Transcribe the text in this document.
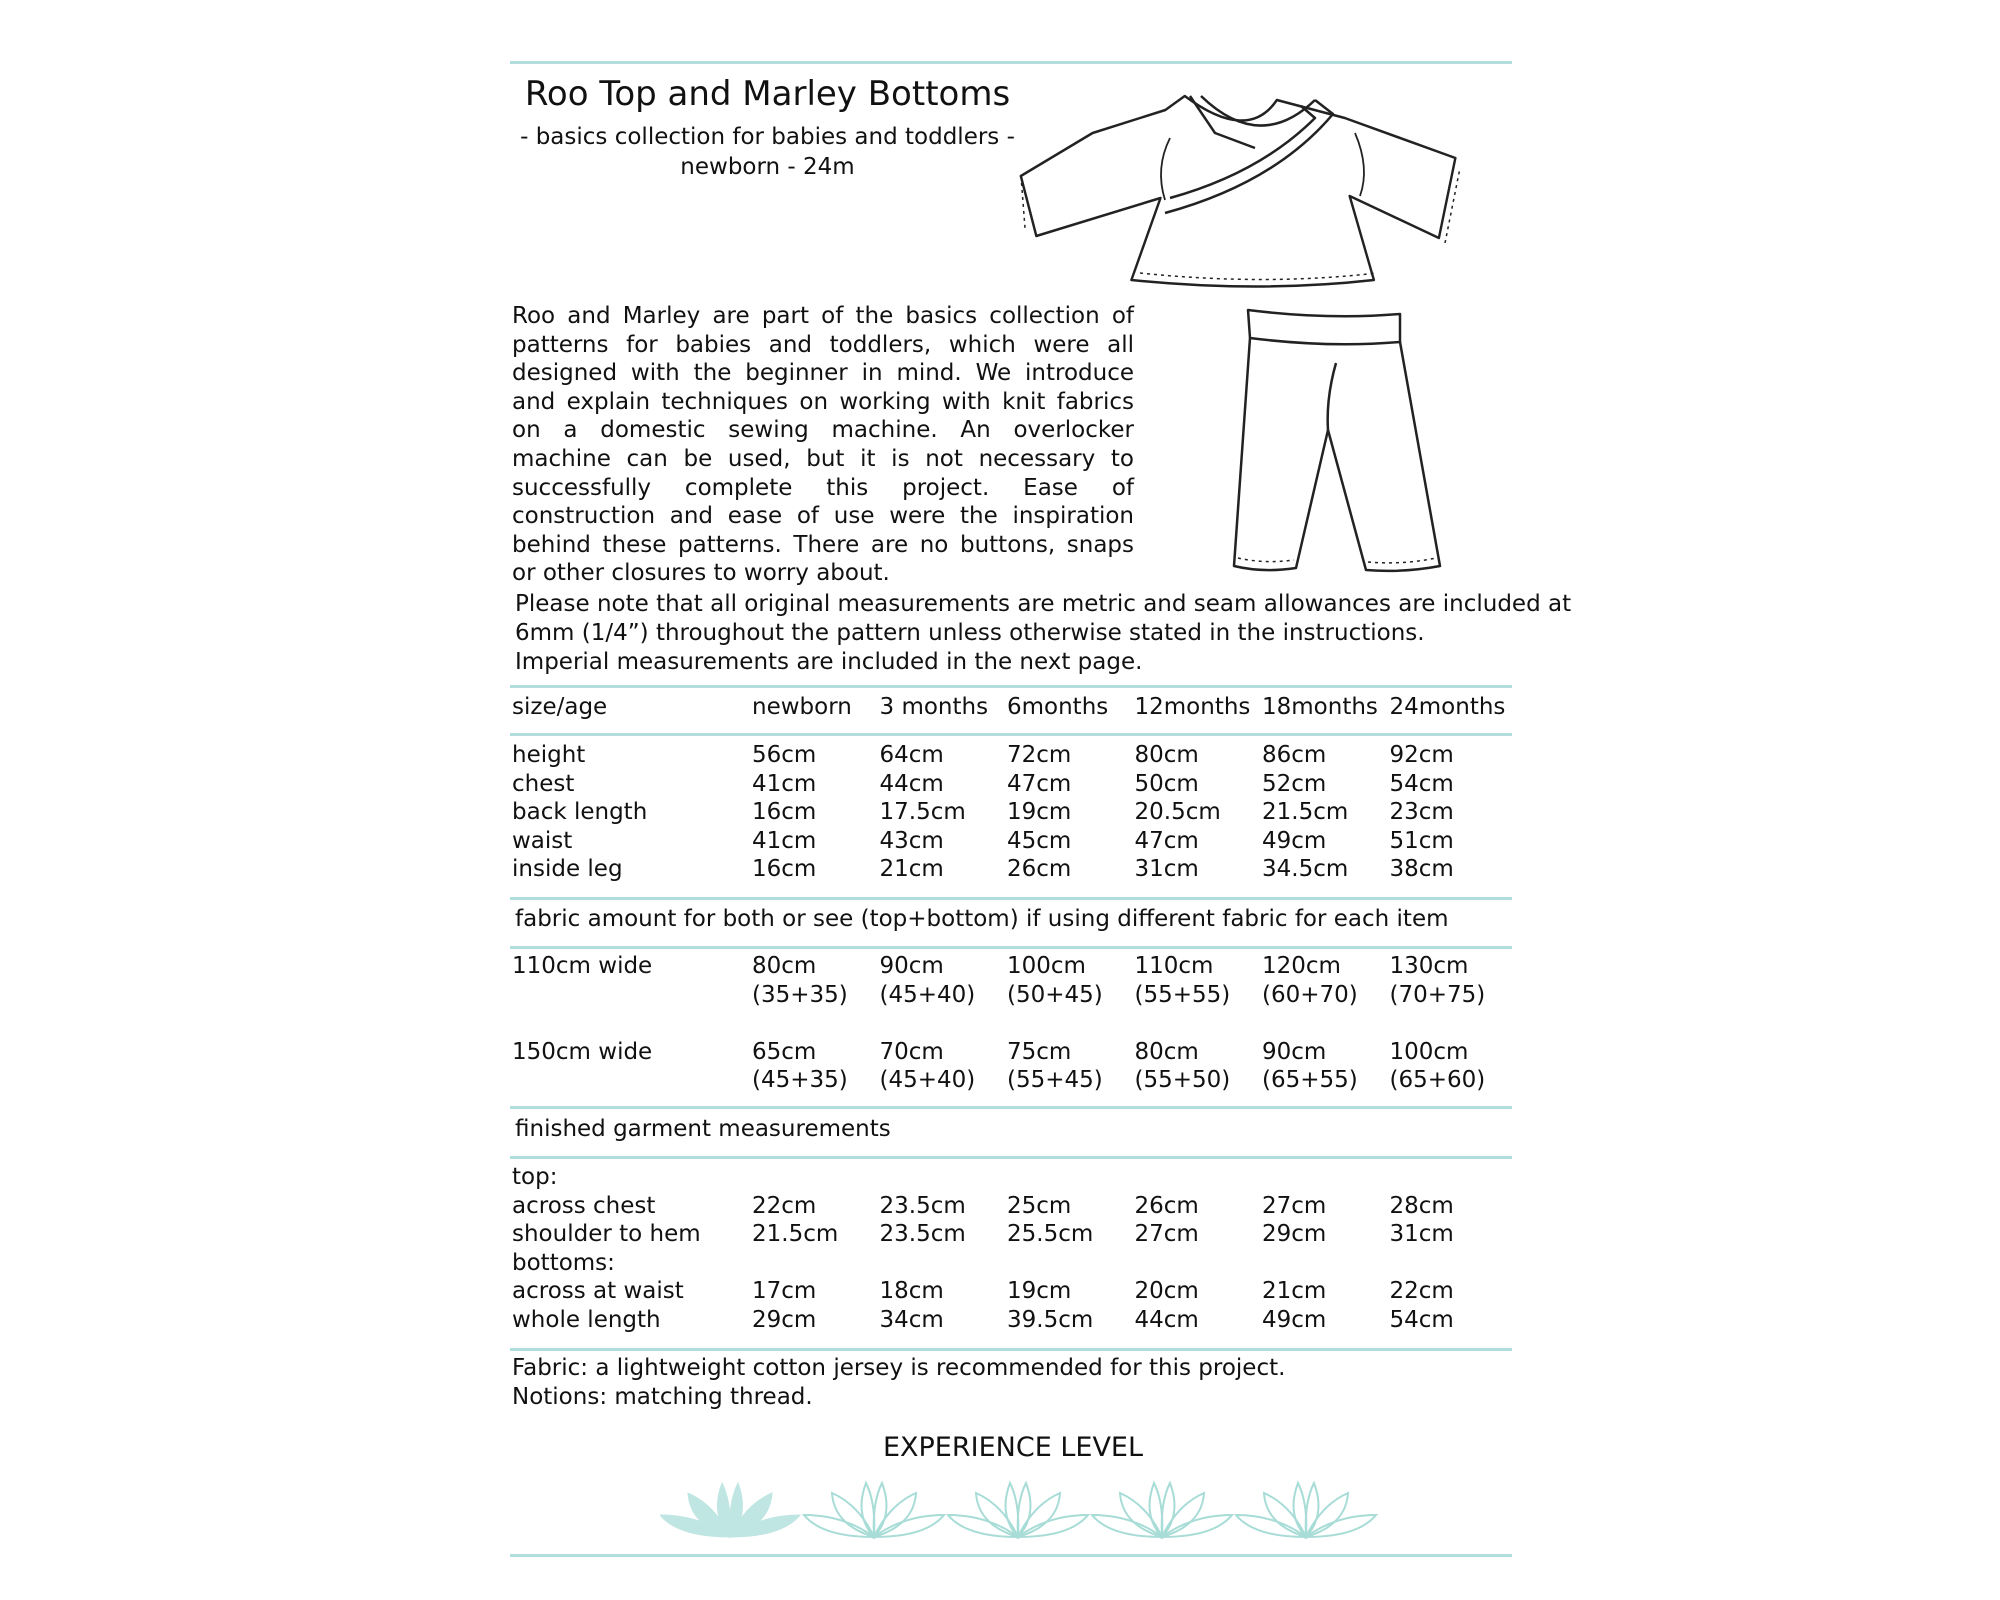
Roo Top and Marley Bottoms
- basics collection for babies and toddlers -
newborn - 24m
Roo and Marley are part of the basics collection of patterns for babies and toddlers, which were all designed with the beginner in mind. We introduce and explain techniques on working with knit fabrics on a domestic sewing machine. An overlocker machine can be used, but it is not necessary to successfully complete this project. Ease of construction and ease of use were the inspiration behind these patterns. There are no buttons, snaps or other closures to worry about.
Please note that all original measurements are metric and seam allowances are included at
6mm (1/4”) throughout the pattern unless otherwise stated in the instructions.
Imperial measurements are included in the next page.
size/age	newborn	3 months	6months	12months	18months	24months
height	56cm	64cm	72cm	80cm	86cm	92cm
chest	41cm	44cm	47cm	50cm	52cm	54cm
back length	16cm	17.5cm	19cm	20.5cm	21.5cm	23cm
waist	41cm	43cm	45cm	47cm	49cm	51cm
inside leg	16cm	21cm	26cm	31cm	34.5cm	38cm
fabric amount for both or see (top+bottom) if using different fabric for each item
110cm wide	80cm	90cm	100cm	110cm	120cm	130cm
	(35+35)	(45+40)	(50+45)	(55+55)	(60+70)	(70+75)

150cm wide	65cm	70cm	75cm	80cm	90cm	100cm
	(45+35)	(45+40)	(55+45)	(55+50)	(65+55)	(65+60)
finished garment measurements
top:						
across chest	22cm	23.5cm	25cm	26cm	27cm	28cm
shoulder to hem	21.5cm	23.5cm	25.5cm	27cm	29cm	31cm
bottoms:						
across at waist	17cm	18cm	19cm	20cm	21cm	22cm
whole length	29cm	34cm	39.5cm	44cm	49cm	54cm
Fabric: a lightweight cotton jersey is recommended for this project.
Notions: matching thread.
EXPERIENCE LEVEL
